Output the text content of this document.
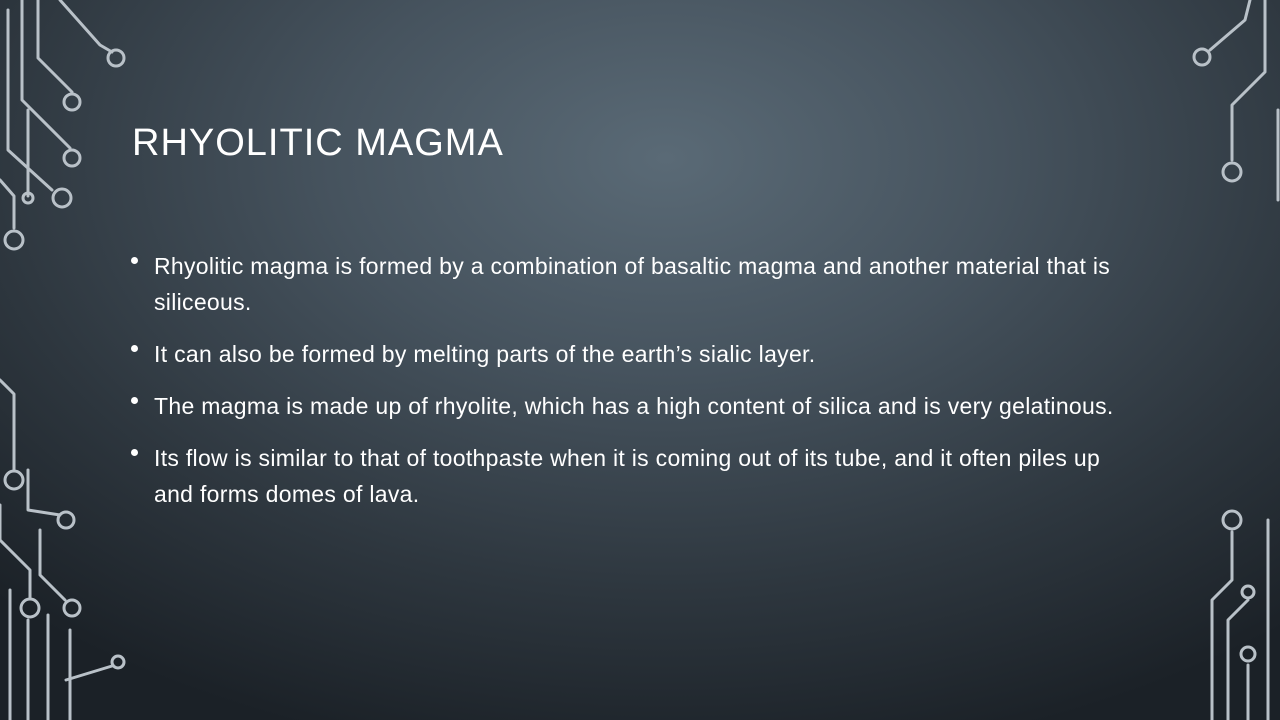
RHYOLITIC MAGMA
Rhyolitic magma is formed by a combination of basaltic magma and another material that is siliceous.
It can also be formed by melting parts of the earth’s sialic layer.
The magma is made up of rhyolite, which has a high content of silica and is very gelatinous.
Its flow is similar to that of toothpaste when it is coming out of its tube, and it often piles up and forms domes of lava.
